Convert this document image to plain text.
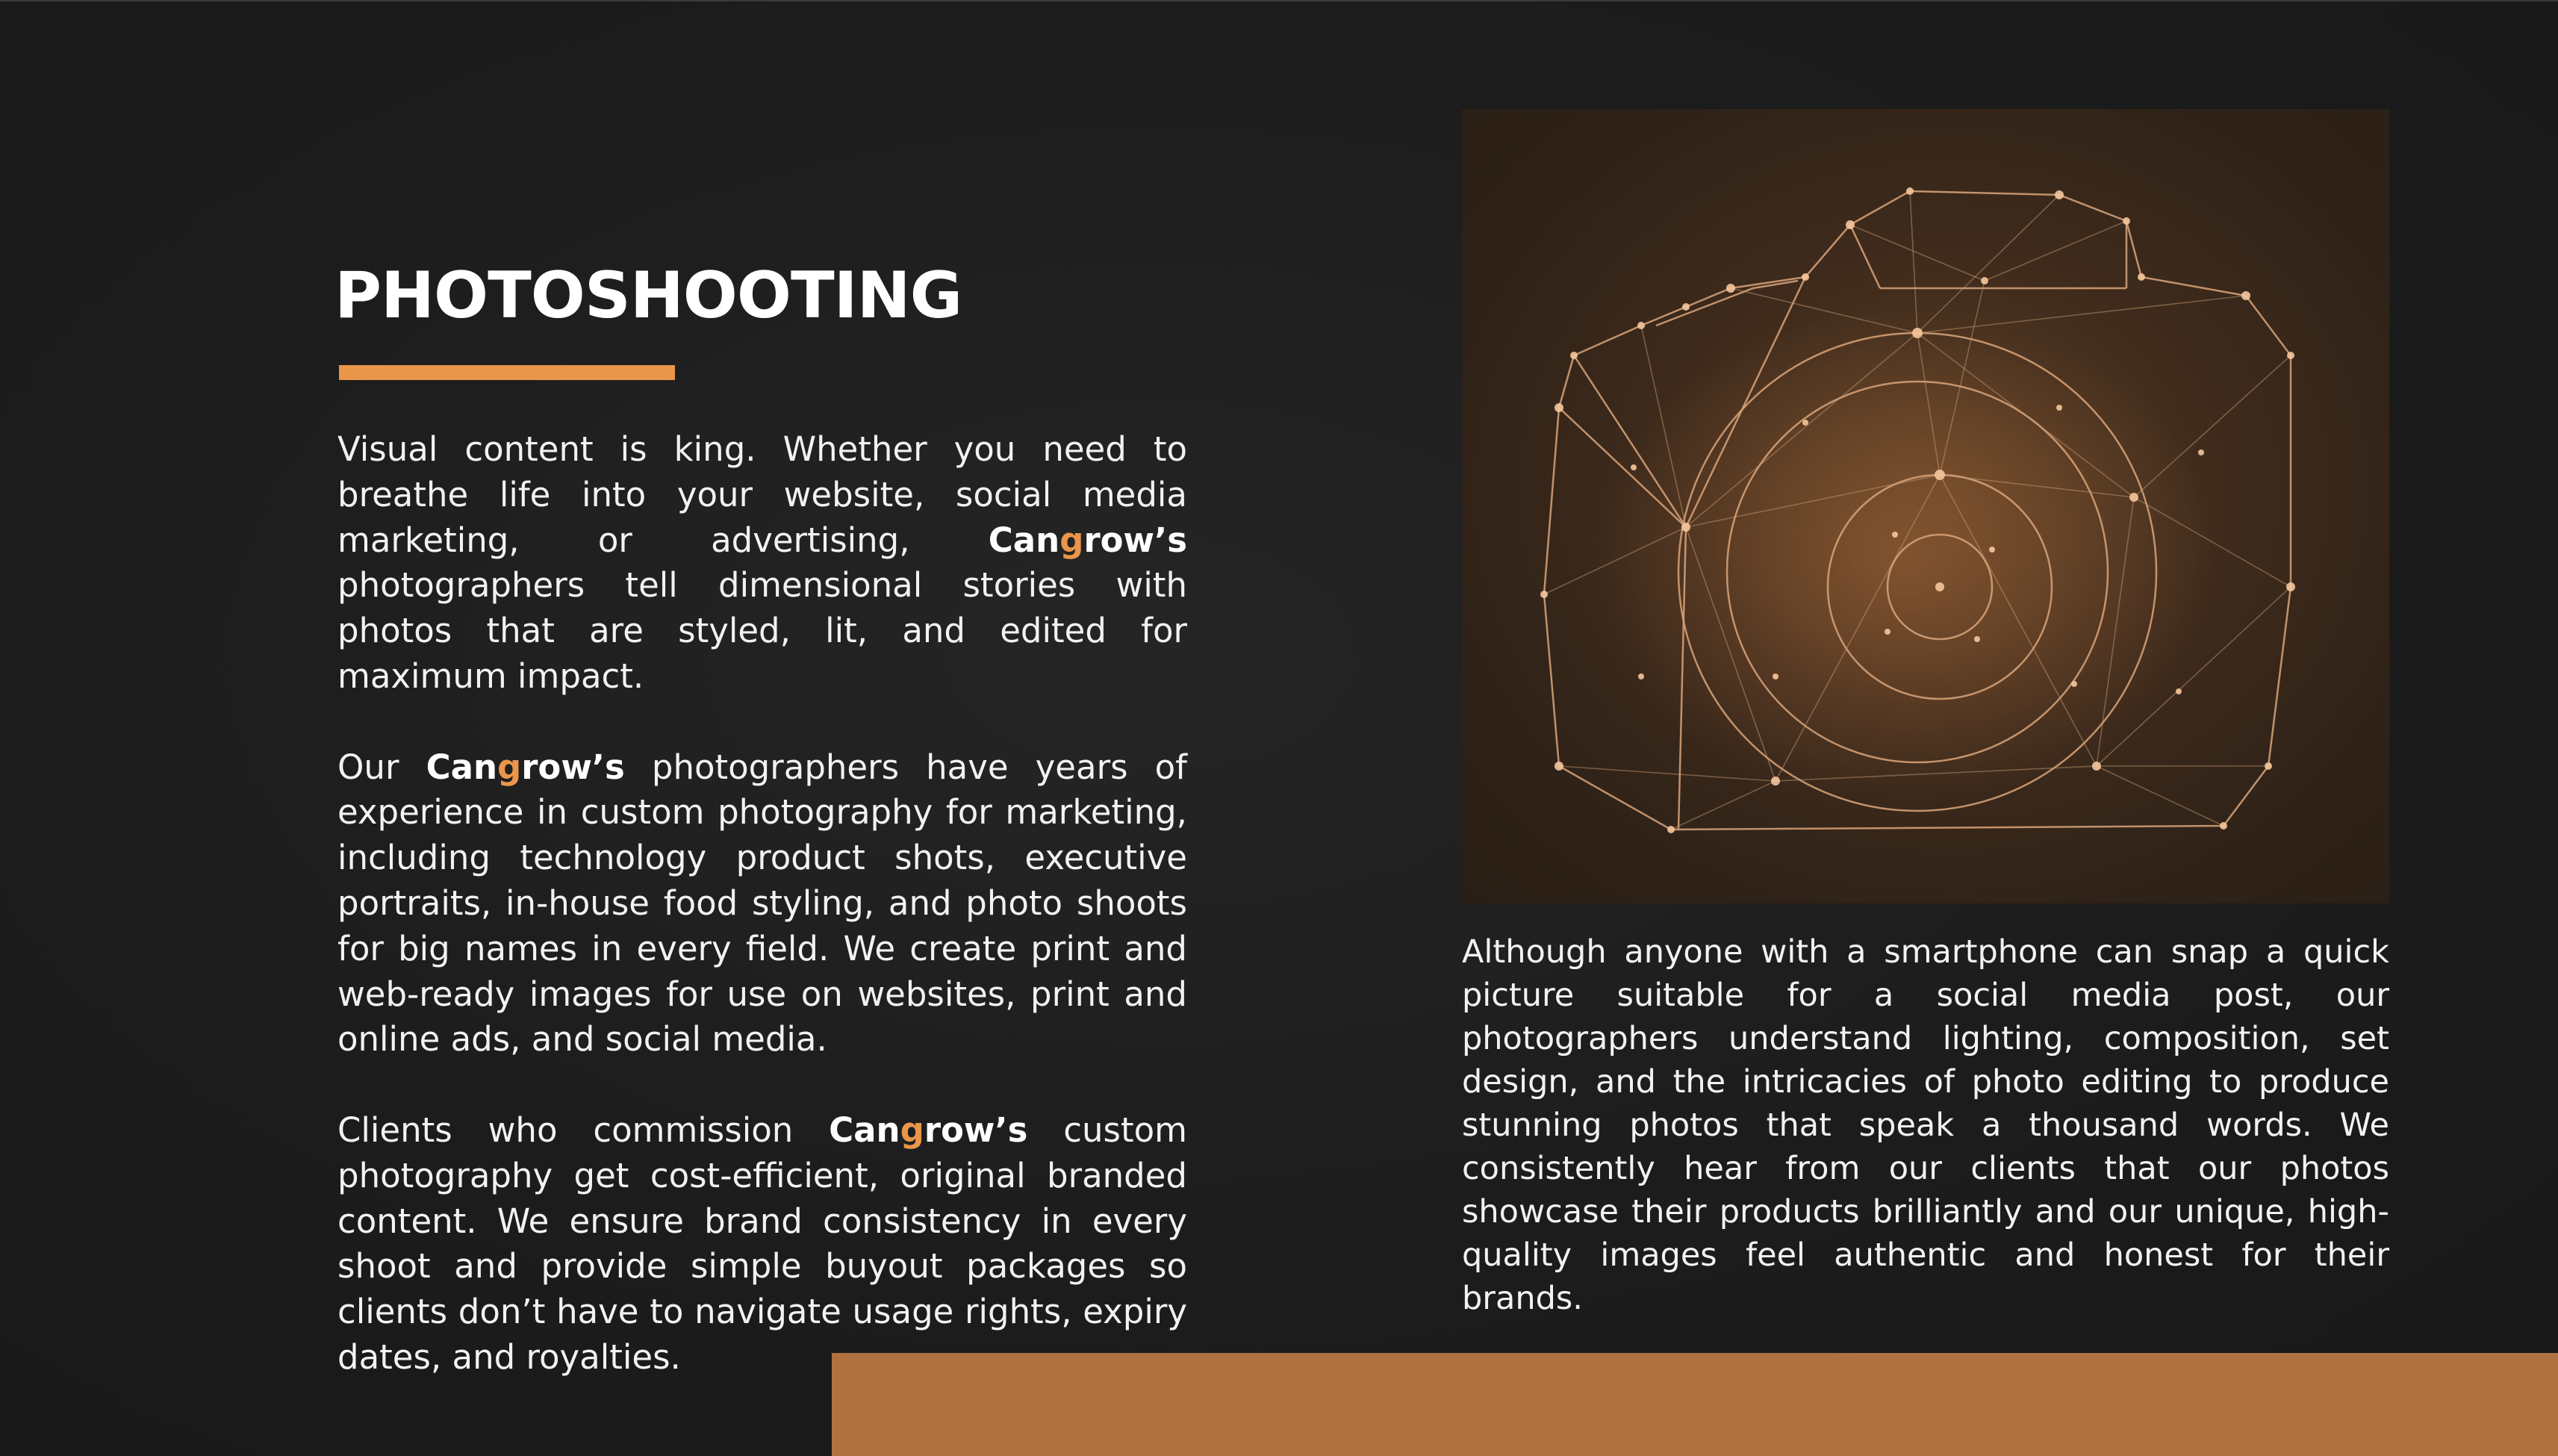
PHOTOSHOOTING

Visual content is king. Whether you need to breathe life into your website, social media marketing, or advertising, Cangrow’s photographers tell dimensional stories with photos that are styled, lit, and edited for maximum impact.

Our Cangrow’s photographers have years of experience in custom photography for marketing, including technology product shots, executive portraits, in-house food styling, and photo shoots for big names in every field. We create print and web-ready images for use on websites, print and online ads, and social media.

Clients who commission Cangrow’s custom photography get cost-efficient, original branded content. We ensure brand consistency in every shoot and provide simple buyout packages so clients don’t have to navigate usage rights, expiry dates, and royalties.

Although anyone with a smartphone can snap a quick picture suitable for a social media post, our photographers understand lighting, composition, set design, and the intricacies of photo editing to produce stunning photos that speak a thousand words. We consistently hear from our clients that our photos showcase their products brilliantly and our unique, high-quality images feel authentic and honest for their brands.
